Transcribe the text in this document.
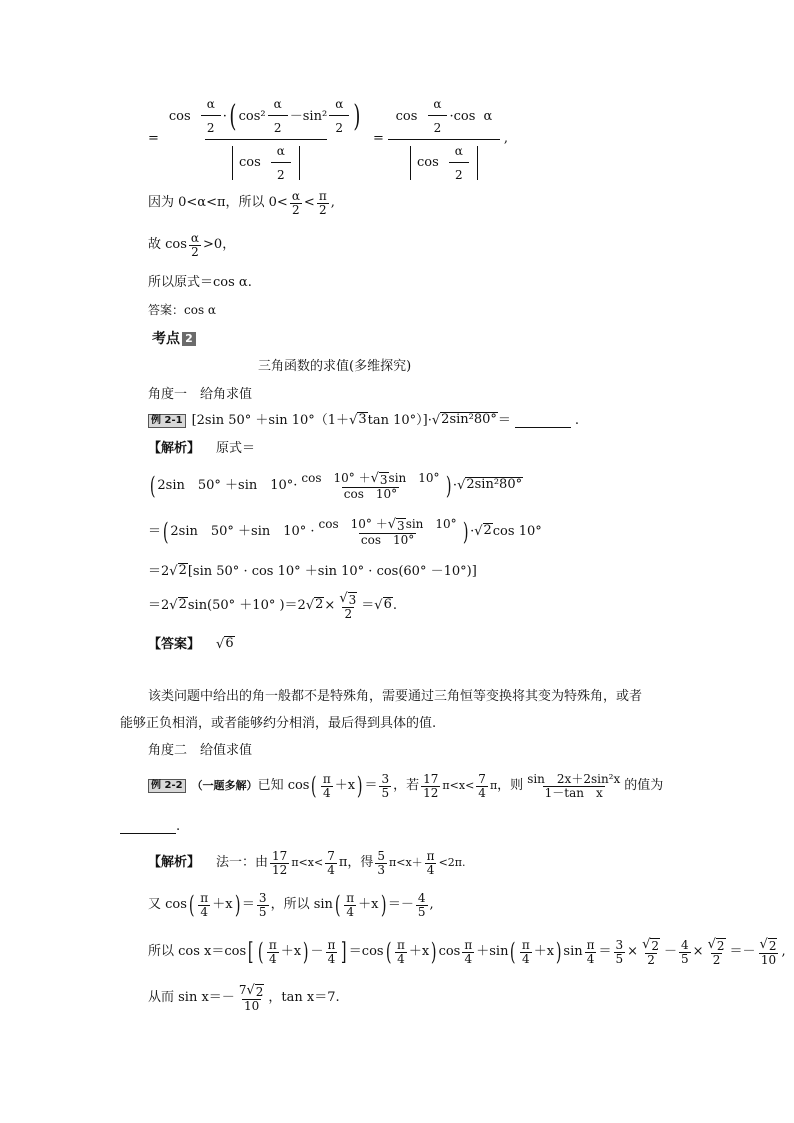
=
$\cos \frac{\alpha}{2}$ · ( $\cos^2 \frac{\alpha}{2} -\sin^2 \frac{\alpha}{2}$ )
$\cos \frac{\alpha}{2}$
= $\frac{\cos \frac{\alpha}{2} \cdot \cos \alpha}{\cos \frac{\alpha}{2}}$ ,
因为 0<α<π，所以 $0< \frac{\alpha}{2} < \frac{\pi}{2}$ ,
故 $\cos \frac{\alpha}{2} >0$，
所以原式＝cos α.
答案：cos α
考点 2
三角函数的求值(多维探究)
角度一　给角求值
例 2-1 [2sin 50° ＋sin 10°（1＋ √ 3 tan 10°）]· √ 2sin²80° ＝	.
【解析】 原式＝
( 2sin　50° ＋sin　$10^\circ\cdot \frac{\cos 10^\circ + √ 3 \sin 10^\circ}{\cos 10^\circ}$ ) · √ 2sin²80°
＝ ( 2sin　50° ＋sin　$10^\circ \cdot \frac{\cos 10^\circ + √ 3 \sin 10^\circ}{\cos 10^\circ}$ ) · √ 2 cos 10°
＝2 √ 2 [sin 50° · cos 10° ＋sin 10° · cos(60° －10°)]
＝2 √ 2 sin(50° ＋10° )＝2 √ $2 \times \frac{√ 3}{2}$ ＝ √ 6 .
【答案】 √ 6
该类问题中给出的角一般都不是特殊角，需要通过三角恒等变换将其变为特殊角，或者
能够正负相消，或者能够约分相消，最后得到具体的值.
角度二　给值求值
例 2-2 （一题多解） 已知 cos ( $\frac{\pi}{4} +x$ ) ＝ $\frac{3}{5}$ ，若 $\frac{17}{12} \pi<x< \frac{7}{4}$ π ，则 $\frac{\text{sin　2x＋2sin²x}}{\text{1－tan　x}}$ 的值为
.
【解析】 法一：由 $\frac{17}{12} \pi<x< \frac{7}{4}$ π，得 $\frac{5}{3} \pi<x+ \frac{\pi}{4} <2\pi$.
又 cos ( $\frac{\pi}{4} +x$ ) ＝ $\frac{3}{5}$ ，所以 sin ( $\frac{\pi}{4} +x$ ) ＝－ $\frac{4}{5}$ ,
所以 cos x＝cos [ ( $\frac{\pi}{4} +x$ ) － $\frac{\pi}{4}$ ] ＝cos ( $\frac{\pi}{4} +x$ ) $\cos \frac{\pi}{4} +\sin$ ( $\frac{\pi}{4} +x$ ) $\sin \frac{\pi}{4} = \frac{3}{5} \times \frac{√ 2}{2} - \frac{4}{5} \times \frac{√ 2}{2} =- \frac{√ 2}{10}$ ,
从而 $\sin x=- \frac{7 √ 2}{10}$ ，tan x＝7.
